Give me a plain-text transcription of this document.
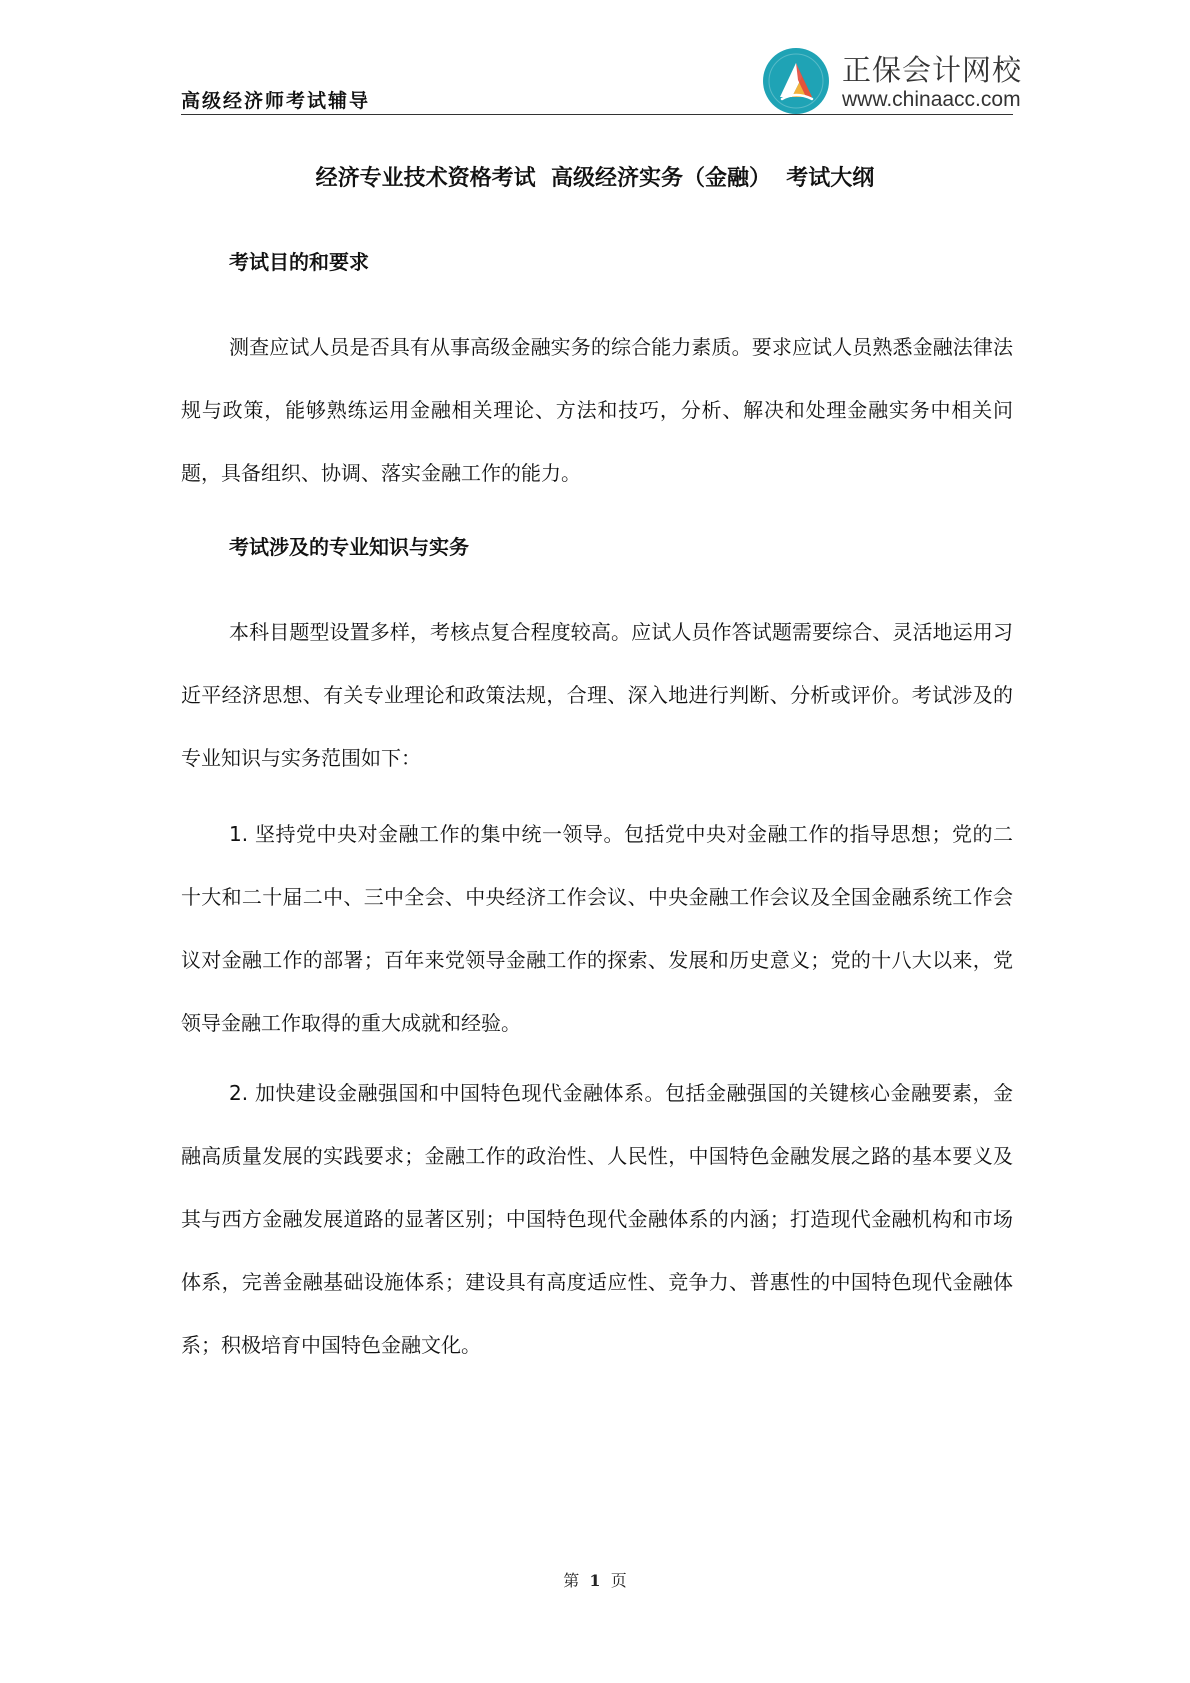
高级经济师考试辅导
正保会计网校
www.chinaacc.com
经济专业技术资格考试  高级经济实务（金融）  考试大纲
考试目的和要求

测查应试人员是否具有从事高级金融实务的综合能力素质。要求应试人员熟悉金融法律法规与政策，能够熟练运用金融相关理论、方法和技巧，分析、解决和处理金融实务中相关问题，具备组织、协调、落实金融工作的能力。

考试涉及的专业知识与实务

本科目题型设置多样，考核点复合程度较高。应试人员作答试题需要综合、灵活地运用习近平经济思想、有关专业理论和政策法规，合理、深入地进行判断、分析或评价。考试涉及的专业知识与实务范围如下：

1. 坚持党中央对金融工作的集中统一领导。包括党中央对金融工作的指导思想；党的二十大和二十届二中、三中全会、中央经济工作会议、中央金融工作会议及全国金融系统工作会议对金融工作的部署；百年来党领导金融工作的探索、发展和历史意义；党的十八大以来，党领导金融工作取得的重大成就和经验。

2. 加快建设金融强国和中国特色现代金融体系。包括金融强国的关键核心金融要素，金融高质量发展的实践要求；金融工作的政治性、人民性，中国特色金融发展之路的基本要义及其与西方金融发展道路的显著区别；中国特色现代金融体系的内涵；打造现代金融机构和市场体系，完善金融基础设施体系；建设具有高度适应性、竞争力、普惠性的中国特色现代金融体系；积极培育中国特色金融文化。

第 1 页
